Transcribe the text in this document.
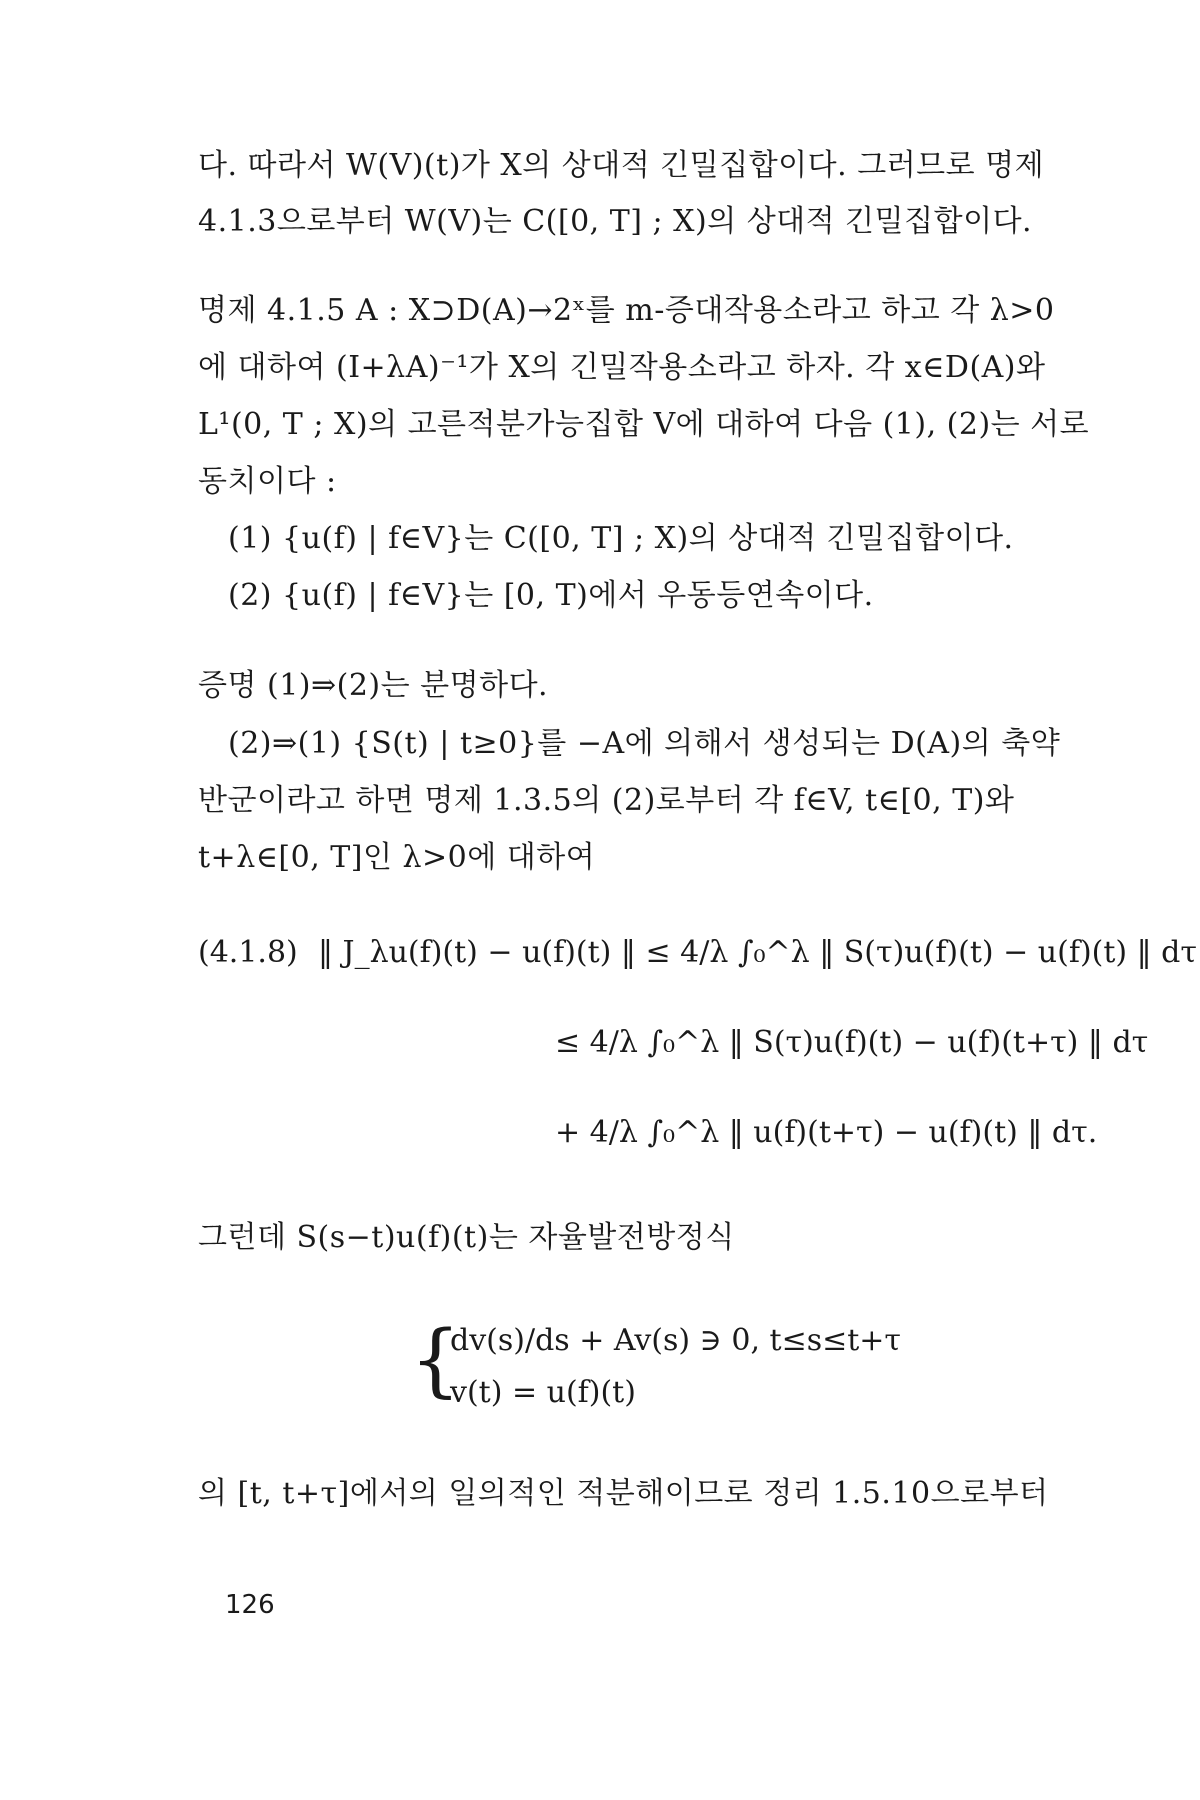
다. 따라서 W(V)(t)가 X의 상대적 긴밀집합이다. 그러므로 명제
4.1.3으로부터 W(V)는 C([0, T] ; X)의 상대적 긴밀집합이다.
명제 4.1.5 A : X⊃D(A)→2ˣ를 m-증대작용소라고 하고 각 λ>0
에 대하여 (I+λA)⁻¹가 X의 긴밀작용소라고 하자. 각 x∈D(A)와
L¹(0, T ; X)의 고른적분가능집합 V에 대하여 다음 (1), (2)는 서로
동치이다 :
(1) {u(f) | f∈V}는 C([0, T] ; X)의 상대적 긴밀집합이다.
(2) {u(f) | f∈V}는 [0, T)에서 우동등연속이다.
증명 (1)⇒(2)는 분명하다.
(2)⇒(1) {S(t) | t≥0}를 −A에 의해서 생성되는 D(A)의 축약
반군이라고 하면 명제 1.3.5의 (2)로부터 각 f∈V, t∈[0, T)와
t+λ∈[0, T]인 λ>0에 대하여
(4.1.8) ‖ J_λu(f)(t) − u(f)(t) ‖ ≤ 4/λ ∫₀^λ ‖ S(τ)u(f)(t) − u(f)(t) ‖ dτ
≤ 4/λ ∫₀^λ ‖ S(τ)u(f)(t) − u(f)(t+τ) ‖ dτ
+ 4/λ ∫₀^λ ‖ u(f)(t+τ) − u(f)(t) ‖ dτ.
그런데 S(s−t)u(f)(t)는 자율발전방정식
{
dv(s)/ds + Av(s) ∋ 0, t≤s≤t+τ
v(t) = u(f)(t)
의 [t, t+τ]에서의 일의적인 적분해이므로 정리 1.5.10으로부터
126
